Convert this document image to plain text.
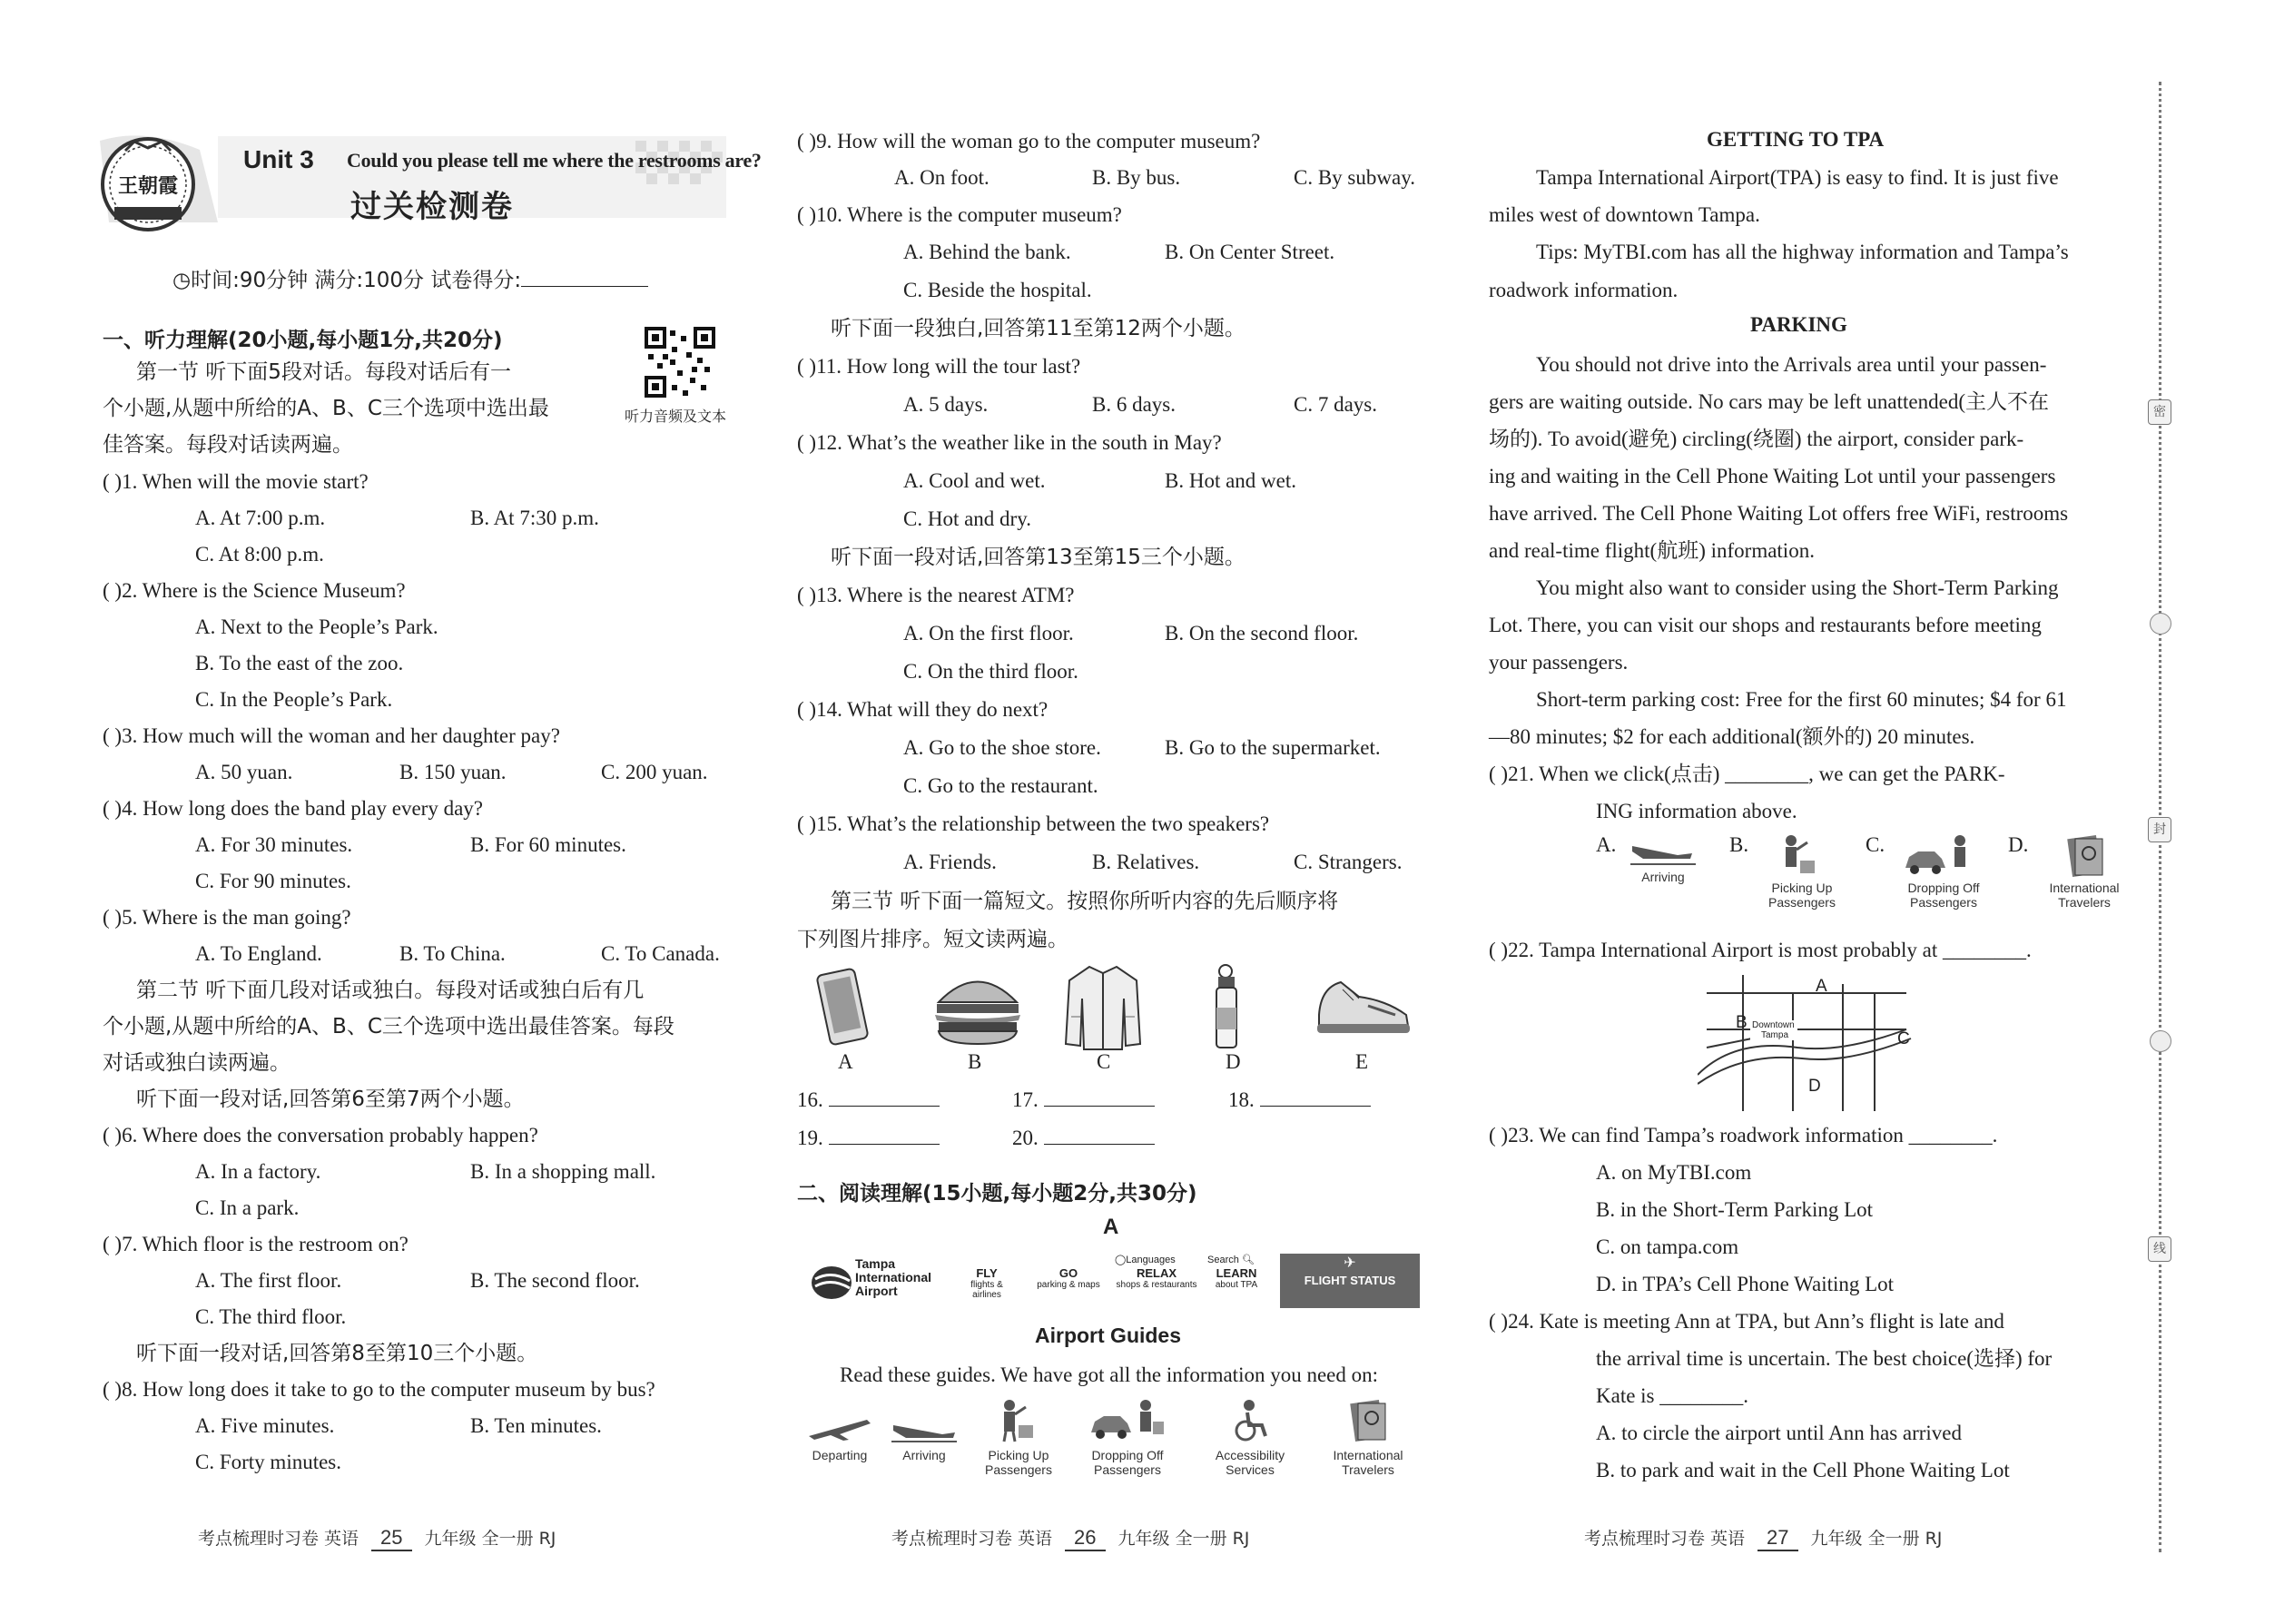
王朝霞
Unit 3 Could you please tell me where the restrooms are?
过关检测卷
◷时间:90分钟 满分:100分 试卷得分:
一、听力理解(20小题,每小题1分,共20分)
听力音频及文本
第一节 听下面5段对话。每段对话后有一
个小题,从题中所给的A、B、C三个选项中选出最
佳答案。每段对话读两遍。
( )1. When will the movie start?
A. At 7:00 p.m.	B. At 7:30 p.m.
C. At 8:00 p.m.
( )2. Where is the Science Museum?
A. Next to the People’s Park.
B. To the east of the zoo.
C. In the People’s Park.
( )3. How much will the woman and her daughter pay?
A. 50 yuan.	B. 150 yuan.	C. 200 yuan.
( )4. How long does the band play every day?
A. For 30 minutes.	B. For 60 minutes.
C. For 90 minutes.
( )5. Where is the man going?
A. To England.	B. To China.	C. To Canada.
第二节 听下面几段对话或独白。每段对话或独白后有几
个小题,从题中所给的A、B、C三个选项中选出最佳答案。每段
对话或独白读两遍。
听下面一段对话,回答第6至第7两个小题。
( )6. Where does the conversation probably happen?
A. In a factory.	B. In a shopping mall.
C. In a park.
( )7. Which floor is the restroom on?
A. The first floor.	B. The second floor.
C. The third floor.
听下面一段对话,回答第8至第10三个小题。
( )8. How long does it take to go to the computer museum by bus?
A. Five minutes.	B. Ten minutes.
C. Forty minutes.
考点梳理时习卷 英语 25 九年级 全一册 RJ
( )9. How will the woman go to the computer museum?
A. On foot.	B. By bus.	C. By subway.
( )10. Where is the computer museum?
A. Behind the bank.	B. On Center Street.
C. Beside the hospital.
听下面一段独白,回答第11至第12两个小题。
( )11. How long will the tour last?
A. 5 days.	B. 6 days.	C. 7 days.
( )12. What’s the weather like in the south in May?
A. Cool and wet.	B. Hot and wet.
C. Hot and dry.
听下面一段对话,回答第13至第15三个小题。
( )13. Where is the nearest ATM?
A. On the first floor.	B. On the second floor.
C. On the third floor.
( )14. What will they do next?
A. Go to the shoe store.	B. Go to the supermarket.
C. Go to the restaurant.
( )15. What’s the relationship between the two speakers?
A. Friends.	B. Relatives.	C. Strangers.
第三节 听下面一篇短文。按照你所听内容的先后顺序将
下列图片排序。短文读两遍。
A	B	C	D	E
16.	17.	18.
19.	20.
二、阅读理解(15小题,每小题2分,共30分)
A
Tampa
International
Airport
FLY
flights & airlines
GO
parking & maps
◯Languages
RELAX
shops & restaurants
Search 🔍︎
LEARN
about TPA
✈
FLIGHT STATUS
Airport Guides
Read these guides. We have got all the information you need on:
Departing	Arriving	Picking Up
Passengers
Dropping Off
Passengers
Accessibility
Services
International
Travelers
考点梳理时习卷 英语 26 九年级 全一册 RJ
GETTING TO TPA
Tampa International Airport(TPA) is easy to find. It is just five
miles west of downtown Tampa.
Tips: MyTBI.com has all the highway information and Tampa’s
roadwork information.
PARKING
You should not drive into the Arrivals area until your passen-
gers are waiting outside. No cars may be left unattended(主人不在
场的). To avoid(避免) circling(绕圈) the airport, consider park-
ing and waiting in the Cell Phone Waiting Lot until your passengers
have arrived. The Cell Phone Waiting Lot offers free WiFi, restrooms
and real-time flight(航班) information.
You might also want to consider using the Short-Term Parking
Lot. There, you can visit our shops and restaurants before meeting
your passengers.
Short-term parking cost: Free for the first 60 minutes; $4 for 61
—80 minutes; $2 for each additional(额外的) 20 minutes.
( )21. When we click(点击) ________, we can get the PARK-
ING information above.
A.
Arriving
B.
Picking Up
Passengers
C.
Dropping Off
Passengers
D.
International
Travelers
( )22. Tampa International Airport is most probably at ________.
A
B
C
D
Downtown
Tampa
( )23. We can find Tampa’s roadwork information ________.
A. on MyTBI.com
B. in the Short-Term Parking Lot
C. on tampa.com
D. in TPA’s Cell Phone Waiting Lot
( )24. Kate is meeting Ann at TPA, but Ann’s flight is late and
the arrival time is uncertain. The best choice(选择) for
Kate is ________.
A. to circle the airport until Ann has arrived
B. to park and wait in the Cell Phone Waiting Lot
考点梳理时习卷 英语 27 九年级 全一册 RJ
密
封
线
